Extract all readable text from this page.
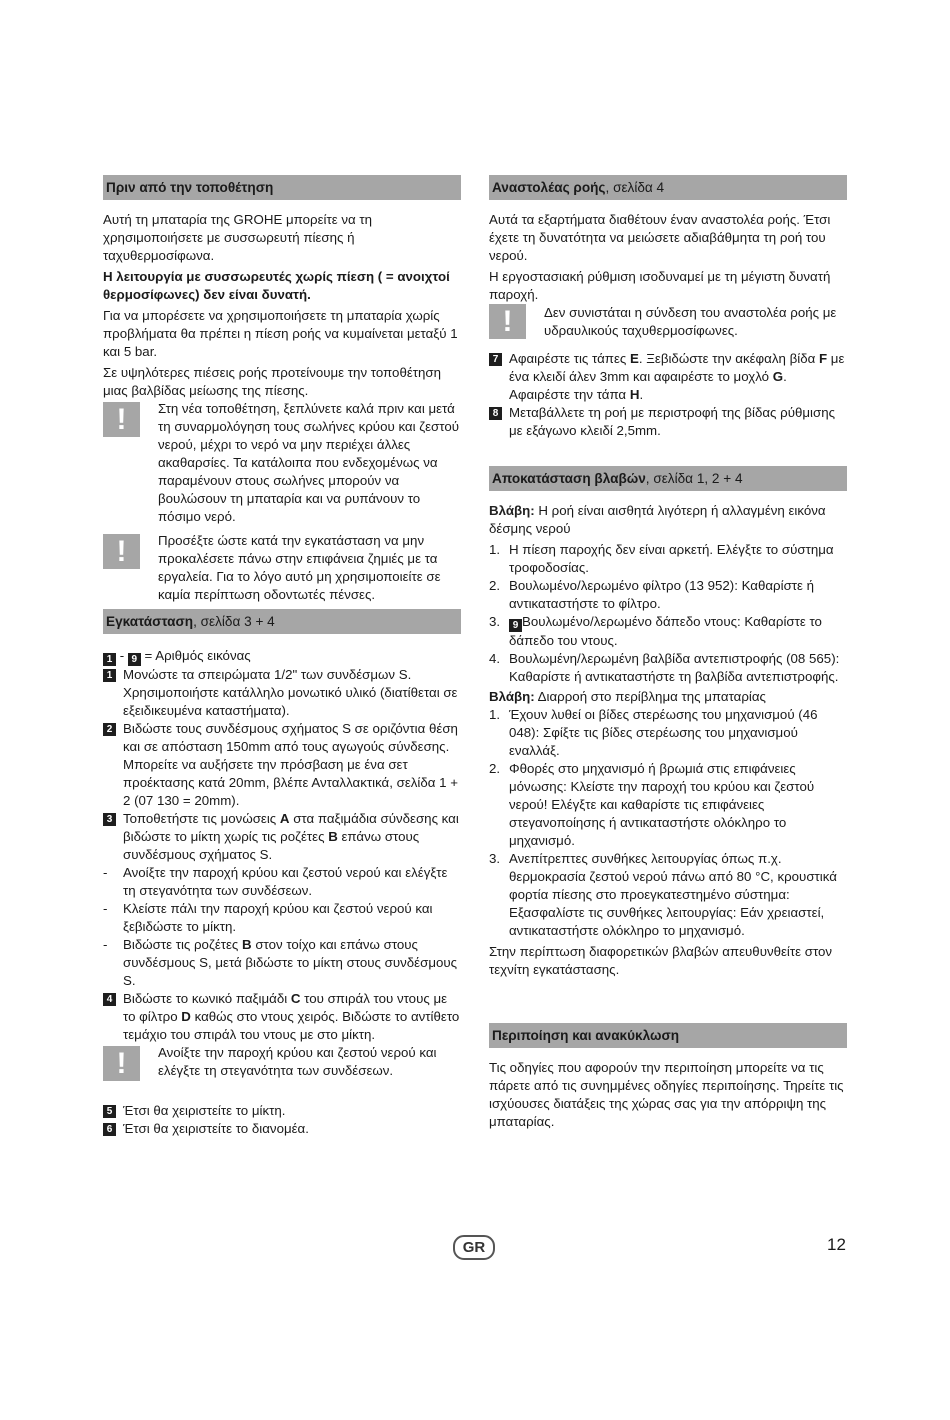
Πριν από την τοποθέτηση

Αυτή τη μπαταρία της GROHE μπορείτε να τη χρησιμοποιήσετε με συσσωρευτή πίεσης ή ταχυθερμοσίφωνα.

Η λειτουργία με συσσωρευτές χωρίς πίεση ( = ανοιχτοί θερμοσίφωνες) δεν είναι δυνατή.

Για να μπορέσετε να χρησιμοποιήσετε τη μπαταρία χωρίς προβλήματα θα πρέπει η πίεση ροής να κυμαίνεται μεταξύ 1 και 5 bar.

Σε υψηλότερες πιέσεις ροής προτείνουμε την τοποθέτηση μιας βαλβίδας μείωσης της πίεσης.

!	Στη νέα τοποθέτηση, ξεπλύνετε καλά πριν και μετά τη συναρμολόγηση τους σωλήνες κρύου και ζεστού νερού, μέχρι το νερό να μην περιέχει άλλες ακαθαρσίες. Τα κατάλοιπα που ενδεχομένως να παραμένουν στους σωλήνες μπορούν να βουλώσουν τη μπαταρία και να ρυπάνουν το πόσιμο νερό.

!	Προσέξτε ώστε κατά την εγκατάσταση να μην προκαλέσετε πάνω στην επιφάνεια ζημιές με τα εργαλεία. Για το λόγο αυτό μη χρησιμοποιείτε σε καμία περίπτωση οδοντωτές πένσες.

Εγκατάσταση, σελίδα 3 + 4
1 - 9 = Αριθμός εικόνας
1 Μονώστε τα σπειρώματα 1/2" των συνδέσμων S. Χρησιμοποιήστε κατάλληλο μονωτικό υλικό (διατίθεται σε εξειδικευμένα καταστήματα).
2 Βιδώστε τους συνδέσμους σχήματος S σε οριζόντια θέση και σε απόσταση 150mm από τους αγωγούς σύνδεσης. Μπορείτε να αυξήσετε την πρόσβαση με ένα σετ προέκτασης κατά 20mm, βλέπε Ανταλλακτικά, σελίδα 1 + 2 (07 130 = 20mm).
3 Τοποθετήστε τις μονώσεις A στα παξιμάδια σύνδεσης και βιδώστε το μίκτη χωρίς τις ροζέτες B επάνω στους συνδέσμους σχήματος S.
- Ανοίξτε την παροχή κρύου και ζεστού νερού και ελέγξτε τη στεγανότητα των συνδέσεων.
- Κλείστε πάλι την παροχή κρύου και ζεστού νερού και ξεβιδώστε το μίκτη.
- Βιδώστε τις ροζέτες B στον τοίχο και επάνω στους συνδέσμους S, μετά βιδώστε το μίκτη στους συνδέσμους S.
4 Βιδώστε το κωνικό παξιμάδι C του σπιράλ του ντους με το φίλτρο D καθώς στο ντους χειρός. Βιδώστε το αντίθετο τεμάχιο του σπιράλ του ντους με στο μίκτη.
!	Ανοίξτε την παροχή κρύου και ζεστού νερού και ελέγξτε τη στεγανότητα των συνδέσεων.

5 Έτσι θα χειριστείτε το μίκτη.
6 Έτσι θα χειριστείτε το διανομέα.
Αναστολέας ροής, σελίδα 4

Αυτά τα εξαρτήματα διαθέτουν έναν αναστολέα ροής. Έτσι έχετε τη δυνατότητα να μειώσετε αδιαβάθμητα τη ροή του νερού.

Η εργοστασιακή ρύθμιση ισοδυναμεί με τη μέγιστη δυνατή παροχή.

!	Δεν συνιστάται η σύνδεση του αναστολέα ροής με υδραυλικούς ταχυθερμοσίφωνες.

7 Αφαιρέστε τις τάπες E. Ξεβιδώστε την ακέφαλη βίδα F με ένα κλειδί άλεν 3mm και αφαιρέστε το μοχλό G. Αφαιρέστε την τάπα H.
8 Μεταβάλλετε τη ροή με περιστροφή της βίδας ρύθμισης με εξάγωνο κλειδί 2,5mm.
Αποκατάσταση βλαβών, σελίδα 1, 2 + 4

Βλάβη: Η ροή είναι αισθητά λιγότερη ή αλλαγμένη εικόνα δέσμης νερού

1. Η πίεση παροχής δεν είναι αρκετή. Ελέγξτε το σύστημα τροφοδοσίας.
2. Βουλωμένο/λερωμένο φίλτρο (13 952): Καθαρίστε ή αντικαταστήστε το φίλτρο.
3. 9 Βουλωμένο/λερωμένο δάπεδο ντους: Καθαρίστε το δάπεδο του ντους.
4. Βουλωμένη/λερωμένη βαλβίδα αντεπιστροφής (08 565): Καθαρίστε ή αντικαταστήστε τη βαλβίδα αντεπιστροφής.

Βλάβη: Διαρροή στο περίβλημα της μπαταρίας

1. Έχουν λυθεί οι βίδες στερέωσης του μηχανισμού (46 048): Σφίξτε τις βίδες στερέωσης του μηχανισμού εναλλάξ.
2. Φθορές στο μηχανισμό ή βρωμιά στις επιφάνειες μόνωσης: Κλείστε την παροχή του κρύου και ζεστού νερού! Ελέγξτε και καθαρίστε τις επιφάνειες στεγανοποίησης ή αντικαταστήστε ολόκληρο το μηχανισμό.
3. Ανεπίτρεπτες συνθήκες λειτουργίας όπως π.χ. θερμοκρασία ζεστού νερού πάνω από 80 °C, κρουστικά φορτία πίεσης στο προεγκατεστημένο σύστημα: Εξασφαλίστε τις συνθήκες λειτουργίας: Εάν χρειαστεί, αντικαταστήστε ολόκληρο το μηχανισμό.

Στην περίπτωση διαφορετικών βλαβών απευθυνθείτε στον τεχνίτη εγκατάστασης.

Περιποίηση και ανακύκλωση

Τις οδηγίες που αφορούν την περιποίηση μπορείτε να τις πάρετε από τις συνημμένες οδηγίες περιποίησης. Τηρείτε τις ισχύουσες διατάξεις της χώρας σας για την απόρριψη της μπαταρίας.

GR	12
